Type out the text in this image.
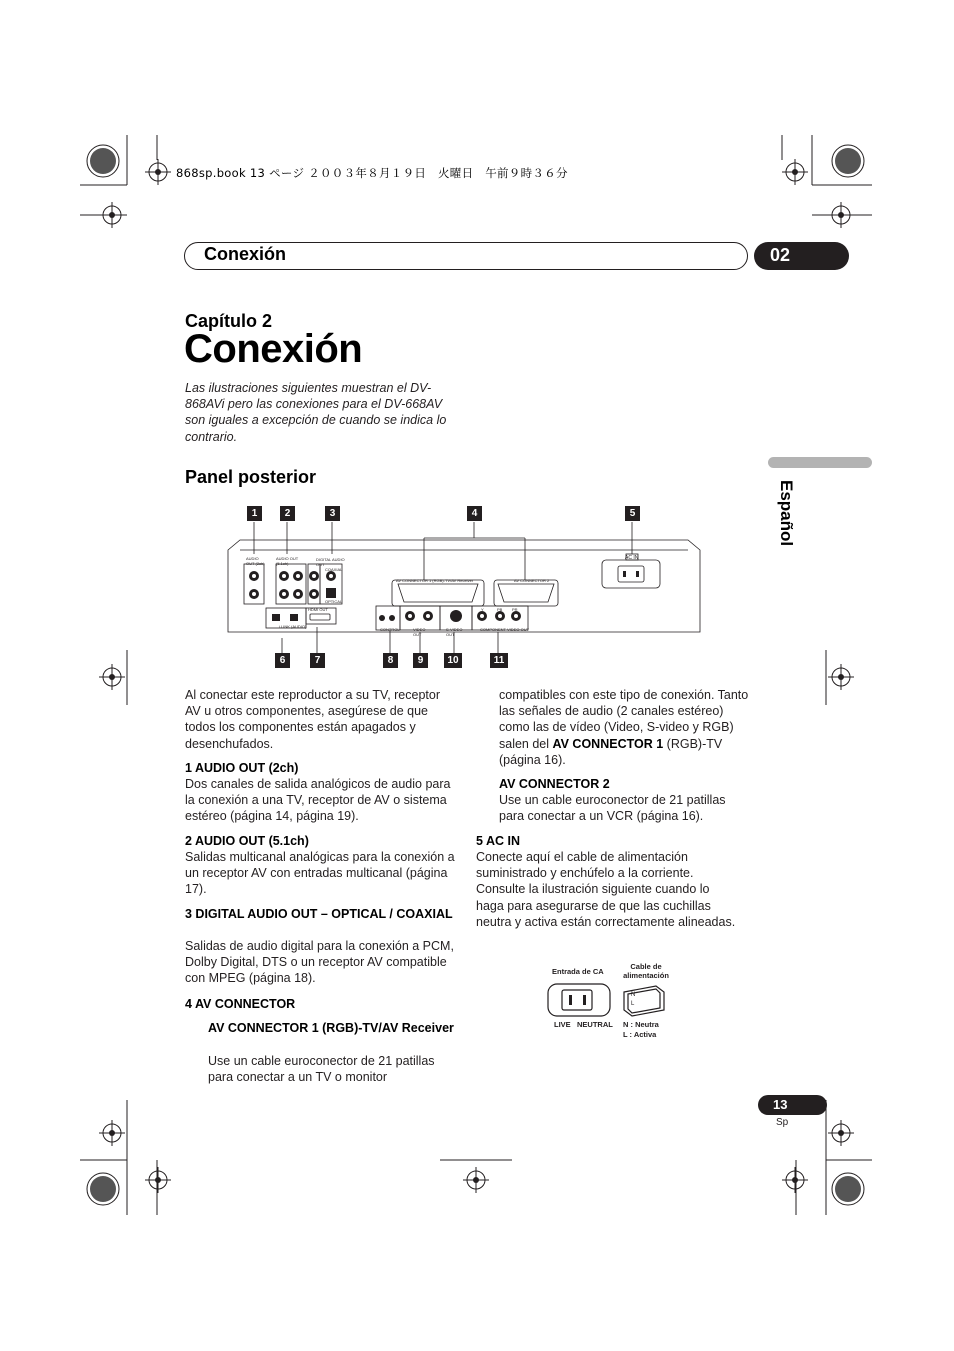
868sp.book 13 ページ ２００３年８月１９日　火曜日　午前９時３６分
Conexión	02
Capítulo 2
Conexión
Las ilustraciones siguientes muestran el DV-868AVi pero las conexiones para el DV-668AV son iguales a excepción de cuando se indica lo contrario.
Panel posterior
Español
1	2	3	4	5
6	7	8	9	10	11
AUDIO OUT (2ch)
AUDIO OUT (5.1ch)
DIGITAL AUDIO OUT
COAXIAL
OPTICAL
AV CONNECTOR 1 (RGB)-TV/AV Receiver	AV CONNECTOR 2
AC IN
i.LINK (AUDIO)
HDMI OUT
CONTROL	VIDEO OUT
S-VIDEO OUT
COMPONENT VIDEO OUT
Y	PB PR
Al conectar este reproductor a su TV, receptor AV u otros componentes, asegúrese de que todos los componentes están apagados y desenchufados.
1 AUDIO OUT (2ch)
Dos canales de salida analógicos de audio para la conexión a una TV, receptor de AV o sistema estéreo (página 14, página 19).
2 AUDIO OUT (5.1ch)
Salidas multicanal analógicas para la conexión a un receptor AV con entradas multicanal (página 17).
3 DIGITAL AUDIO OUT – OPTICAL / COAXIAL
Salidas de audio digital para la conexión a PCM, Dolby Digital, DTS o un receptor AV compatible con MPEG (página 18).
4 AV CONNECTOR
AV CONNECTOR 1 (RGB)-TV/AV Receiver
Use un cable euroconector de 21 patillas para conectar a un TV o monitor
compatibles con este tipo de conexión. Tanto las señales de audio (2 canales estéreo) como las de vídeo (Video, S-video y RGB) salen del AV CONNECTOR 1 (RGB)-TV (página 16).
AV CONNECTOR 2
Use un cable euroconector de 21 patillas para conectar a un VCR (página 16).
5 AC IN
Conecte aquí el cable de alimentación suministrado y enchúfelo a la corriente. Consulte la ilustración siguiente cuando lo haga para asegurarse de que las cuchillas neutra y activa están correctamente alineadas.
Entrada de CA
Cable de alimentación
LIVE NEUTRAL N : Neutra
L : Activa
N
L
13
Sp
